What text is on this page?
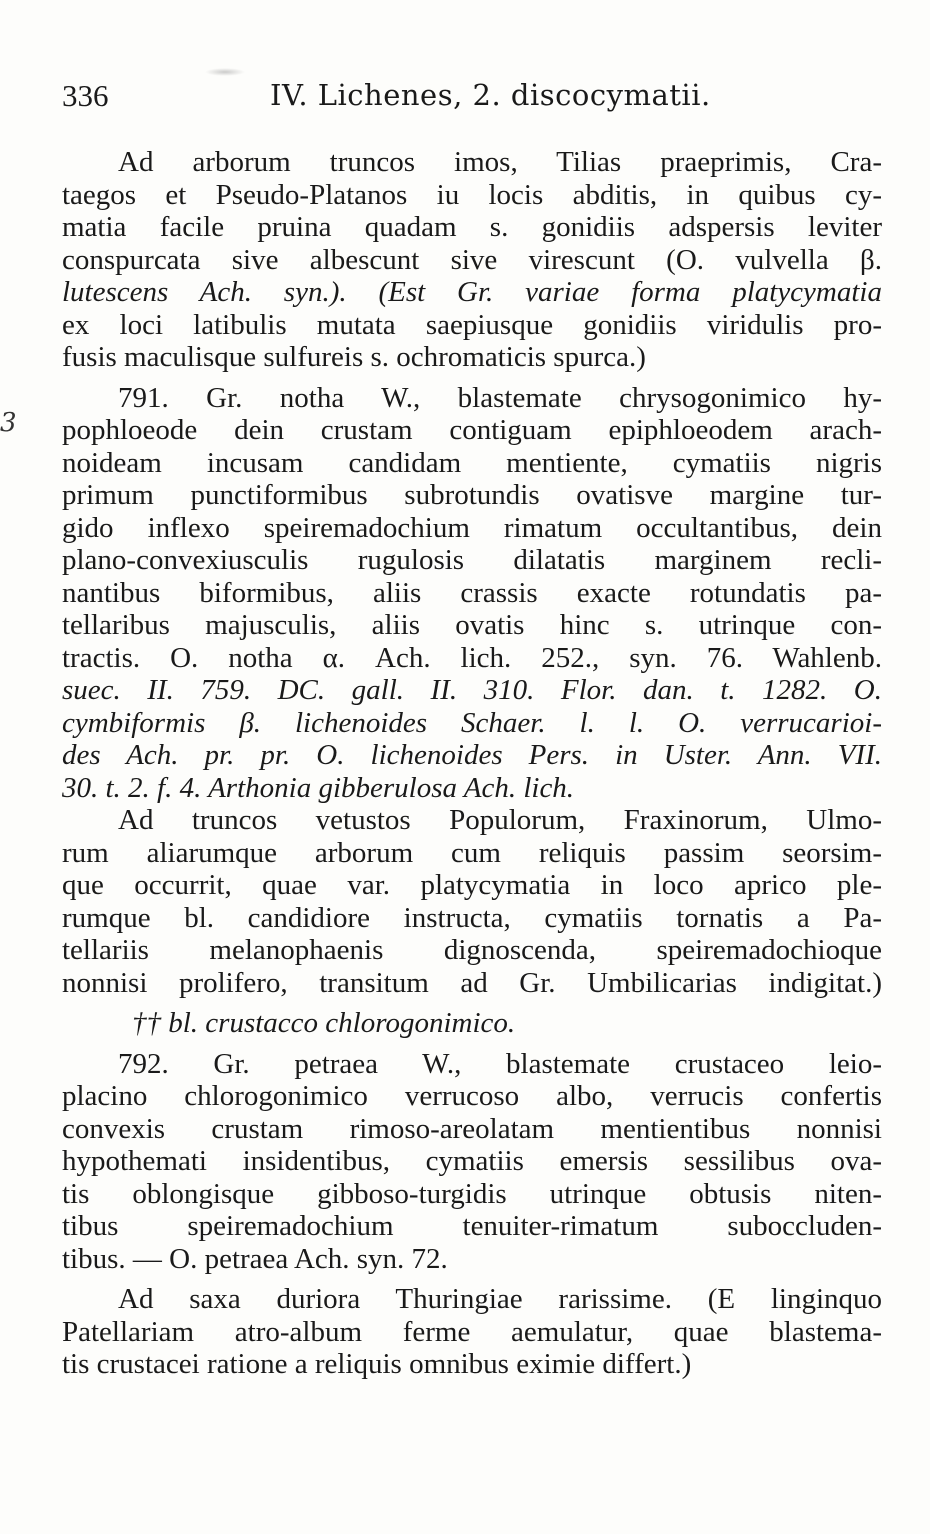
3
336	IV. Lichenes, 2. discocymatii.
Ad arborum truncos imos, Tilias praeprimis, Cra-
taegos et Pseudo-Platanos iu locis abditis, in quibus cy-
matia facile pruina quadam s. gonidiis adspersis leviter
conspurcata sive albescunt sive virescunt (O. vulvella β.
lutescens Ach. syn.). (Est Gr. variae forma platycymatia
ex loci latibulis mutata saepiusque gonidiis viridulis pro-
fusis maculisque sulfureis s. ochromaticis spurca.)
791. Gr. notha W., blastemate chrysogonimico hy-
pophloeode dein crustam contiguam epiphloeodem arach-
noideam incusam candidam mentiente, cymatiis nigris
primum punctiformibus subrotundis ovatisve margine tur-
gido inflexo speiremadochium rimatum occultantibus, dein
plano-convexiusculis rugulosis dilatatis marginem recli-
nantibus biformibus, aliis crassis exacte rotundatis pa-
tellaribus majusculis, aliis ovatis hinc s. utrinque con-
tractis. O. notha α. Ach. lich. 252., syn. 76. Wahlenb.
suec. II. 759. DC. gall. II. 310. Flor. dan. t. 1282. O.
cymbiformis β. lichenoides Schaer. l. l. O. verrucarioi-
des Ach. pr. pr. O. lichenoides Pers. in Uster. Ann. VII.
30. t. 2. f. 4. Arthonia gibberulosa Ach. lich.
Ad truncos vetustos Populorum, Fraxinorum, Ulmo-
rum aliarumque arborum cum reliquis passim seorsim-
que occurrit, quae var. platycymatia in loco aprico ple-
rumque bl. candidiore instructa, cymatiis tornatis a Pa-
tellariis melanophaenis dignoscenda, speiremadochioque
nonnisi prolifero, transitum ad Gr. Umbilicarias indigitat.)
†† bl. crustacco chlorogonimico.
792. Gr. petraea W., blastemate crustaceo leio-
placino chlorogonimico verrucoso albo, verrucis confertis
convexis crustam rimoso-areolatam mentientibus nonnisi
hypothemati insidentibus, cymatiis emersis sessilibus ova-
tis oblongisque gibboso-turgidis utrinque obtusis niten-
tibus speiremadochium tenuiter-rimatum suboccluden-
tibus. — O. petraea Ach. syn. 72.
Ad saxa duriora Thuringiae rarissime. (E linginquo
Patellariam atro-album ferme aemulatur, quae blastema-
tis crustacei ratione a reliquis omnibus eximie differt.)
